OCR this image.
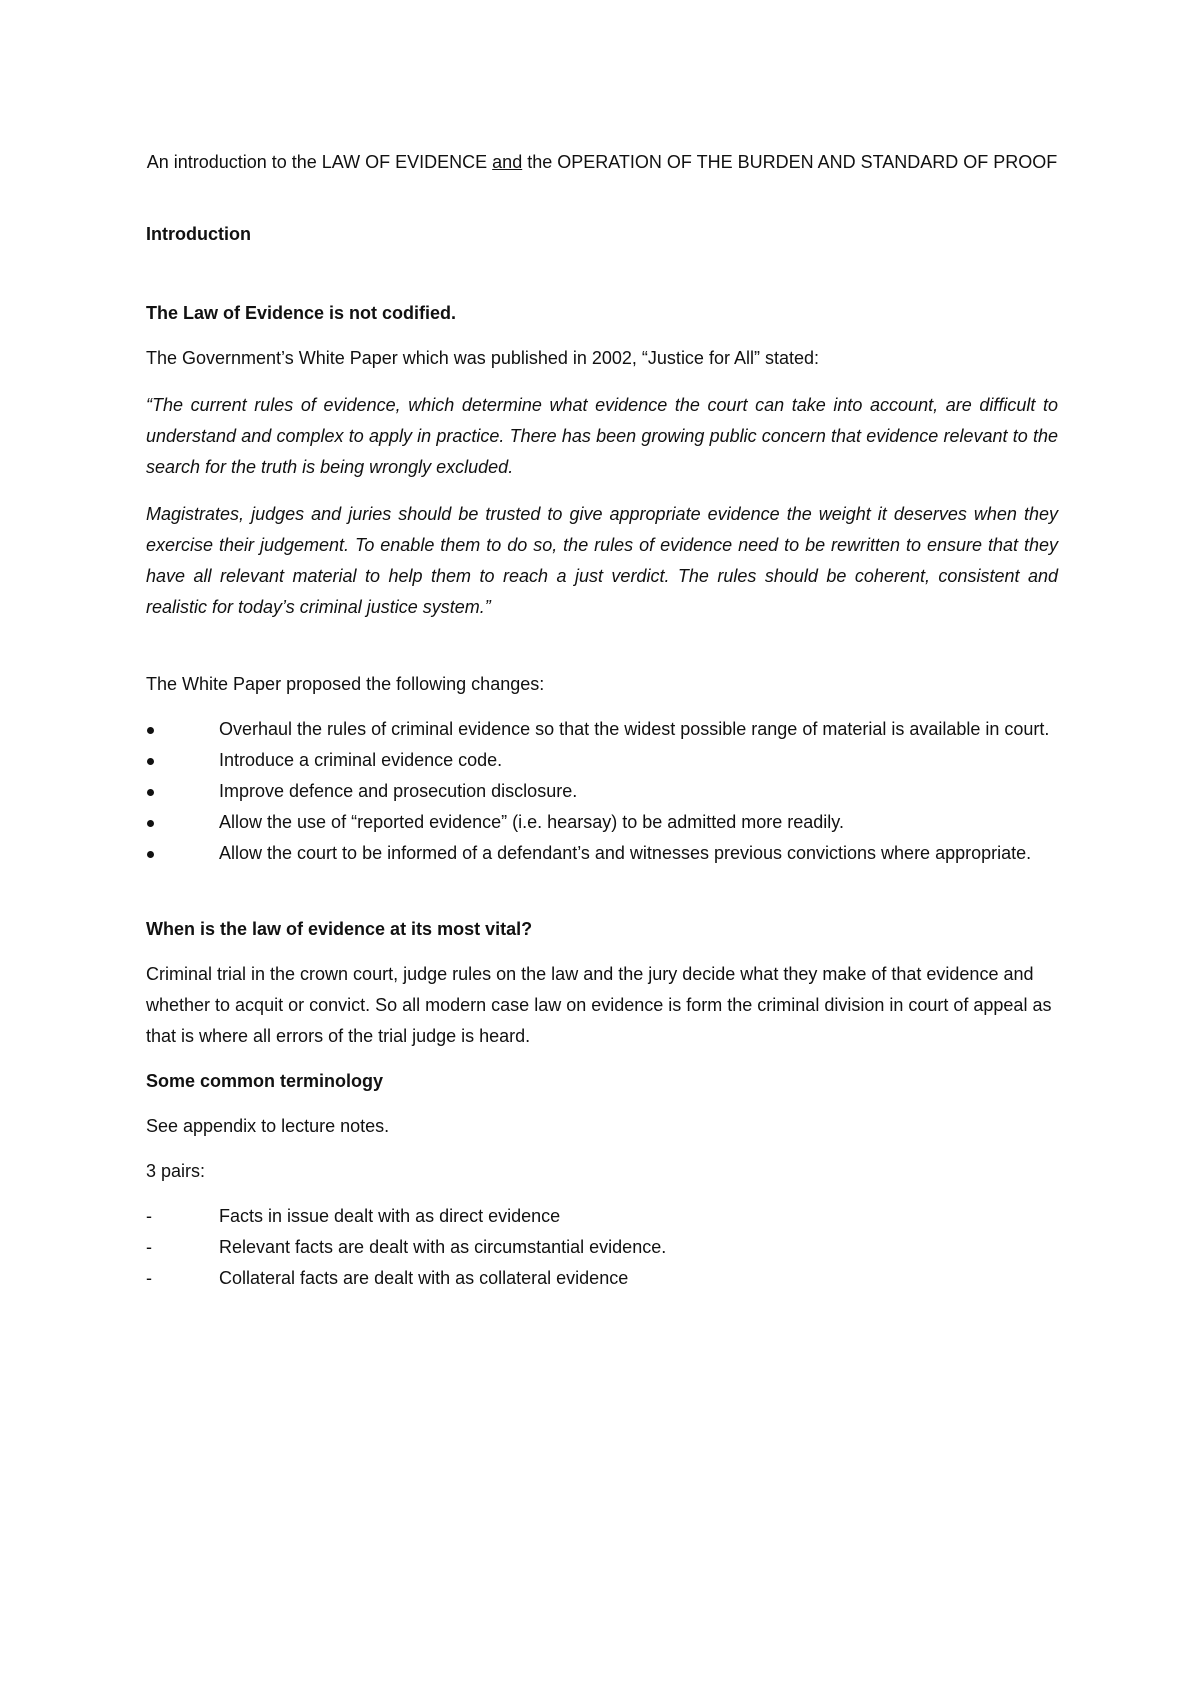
An introduction to the LAW OF EVIDENCE and the OPERATION OF THE BURDEN AND STANDARD OF PROOF

Introduction

The Law of Evidence is not codified.

The Government’s White Paper which was published in 2002, “Justice for All” stated:

“The current rules of evidence, which determine what evidence the court can take into account, are difficult to understand and complex to apply in practice. There has been growing public concern that evidence relevant to the search for the truth is being wrongly excluded.

Magistrates, judges and juries should be trusted to give appropriate evidence the weight it deserves when they exercise their judgement. To enable them to do so, the rules of evidence need to be rewritten to ensure that they have all relevant material to help them to reach a just verdict. The rules should be coherent, consistent and realistic for today’s criminal justice system.”

The White Paper proposed the following changes:

Overhaul the rules of criminal evidence so that the widest possible range of material is available in court.
Introduce a criminal evidence code.
Improve defence and prosecution disclosure.
Allow the use of “reported evidence” (i.e. hearsay) to be admitted more readily.
Allow the court to be informed of a defendant’s and witnesses previous convictions where appropriate.

When is the law of evidence at its most vital?

Criminal trial in the crown court, judge rules on the law and the jury decide what they make of that evidence and whether to acquit or convict. So all modern case law on evidence is form the criminal division in court of appeal as that is where all errors of the trial judge is heard.

Some common terminology

See appendix to lecture notes.

3 pairs:

-	Facts in issue dealt with as direct evidence
-	Relevant facts are dealt with as circumstantial evidence.
-	Collateral facts are dealt with as collateral evidence
